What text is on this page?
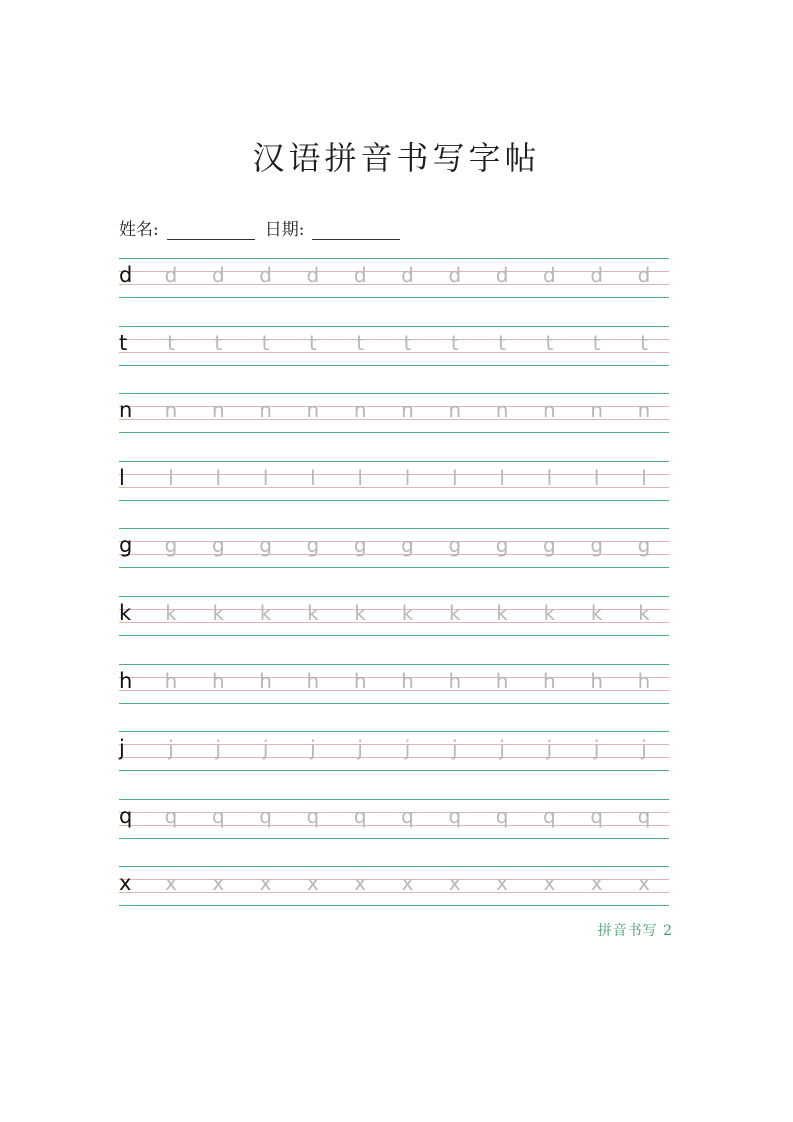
汉语拼音书写字帖
姓名:	日期:
d d d d d d d d d d d d
t	t	t	t	t	t	t	t	t	t	t	t
n n n n n n n n n n n n
l	l	l	l	l	l	l	l	l	l	l	l
g g g g g g g g g g g g
k k k k k k k k k k k k
h h h h h h h h h h h h
j	j	j	j	j	j	j	j	j	j	j	j
q q q q q q q q q q q q
x x x x x x x x x x x x
拼音书写 2
